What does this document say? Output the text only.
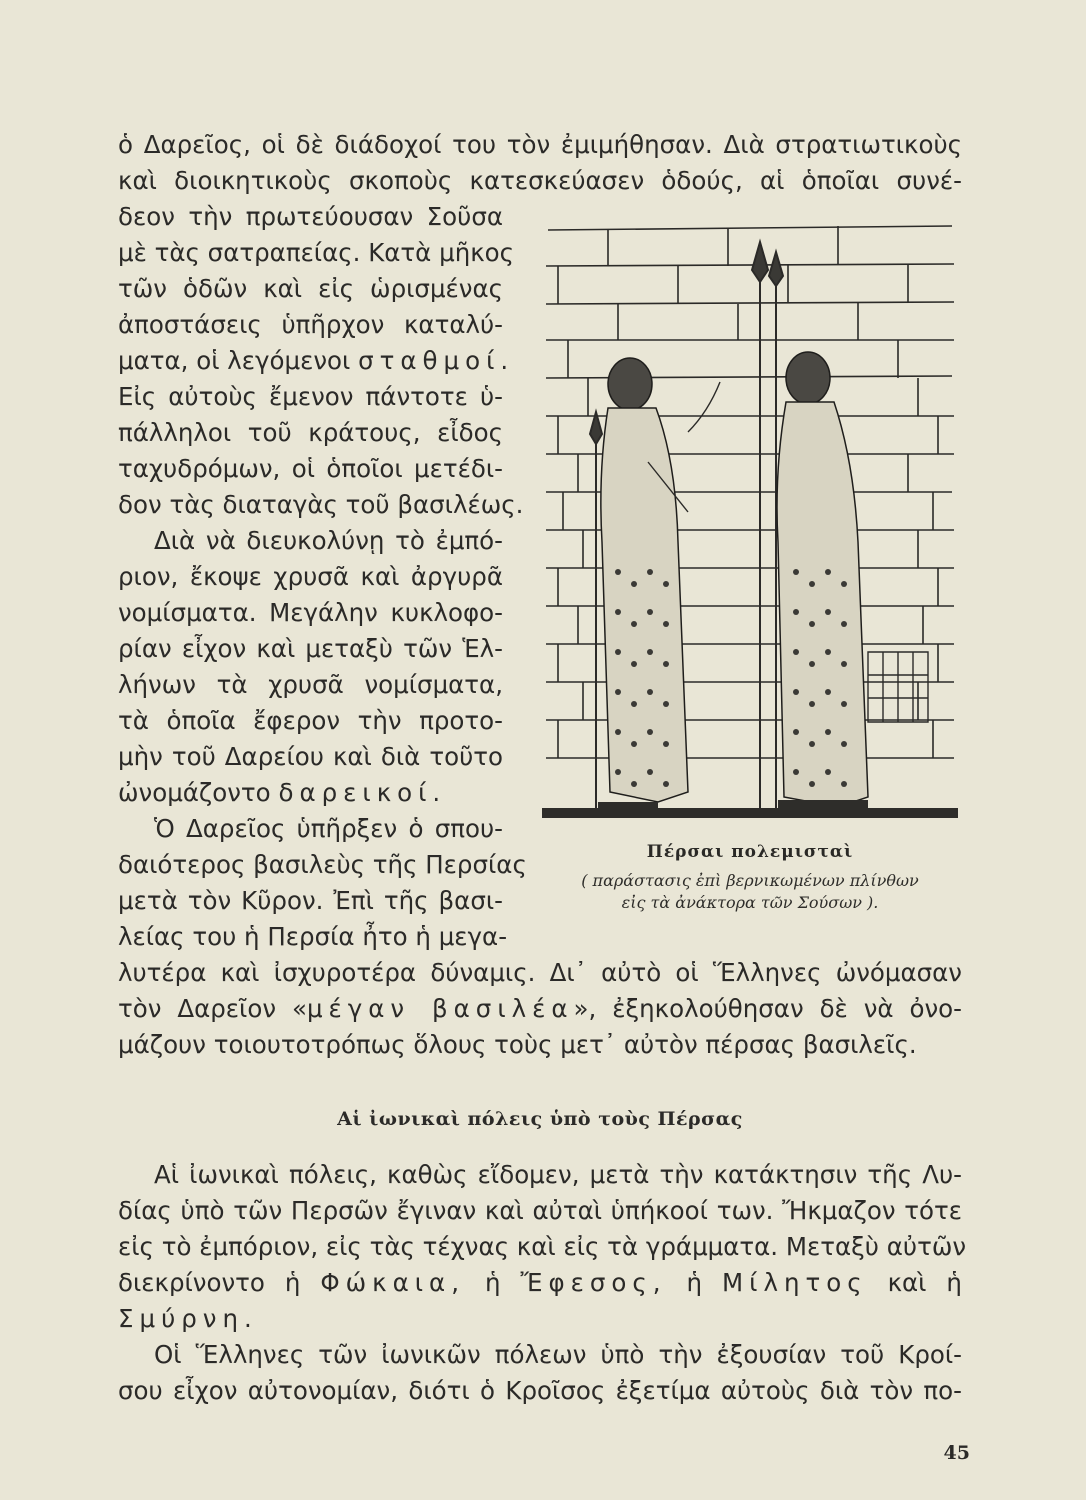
ὁ Δαρεῖος, οἱ δὲ διάδοχοί του τὸν ἐμιμήθησαν. Διὰ στρατιωτικοὺς
καὶ διοικητικοὺς σκοποὺς κατεσκεύασεν ὁδούς, αἱ ὁποῖαι συνέ-
δεον τὴν πρωτεύουσαν Σοῦσα
μὲ τὰς σατραπείας. Κατὰ μῆκος
τῶν ὁδῶν καὶ εἰς ὡρισμένας
ἀποστάσεις ὑπῆρχον καταλύ-
ματα, οἱ λεγόμενοι σταθμοί.
Εἰς αὐτοὺς ἔμενον πάντοτε ὑ-
πάλληλοι τοῦ κράτους, εἶδος
ταχυδρόμων, οἱ ὁποῖοι μετέδι-
δον τὰς διαταγὰς τοῦ βασιλέως.
Διὰ νὰ διευκολύνῃ τὸ ἐμπό-
ριον, ἔκοψε χρυσᾶ καὶ ἀργυρᾶ
νομίσματα. Μεγάλην κυκλοφο-
ρίαν εἶχον καὶ μεταξὺ τῶν Ἑλ-
λήνων τὰ χρυσᾶ νομίσματα,
τὰ ὁποῖα ἔφερον τὴν προτο-
μὴν τοῦ Δαρείου καὶ διὰ τοῦτο
ὠνομάζοντο δαρεικοί.
Ὁ Δαρεῖος ὑπῆρξεν ὁ σπου-
δαιότερος βασιλεὺς τῆς Περσίας
μετὰ τὸν Κῦρον. Ἐπὶ τῆς βασι-
λείας του ἡ Περσία ἦτο ἡ μεγα-
λυτέρα καὶ ἰσχυροτέρα δύναμις. Δι᾽ αὐτὸ οἱ Ἕλληνες ὠνόμασαν
τὸν Δαρεῖον «μέγαν βασιλέα», ἐξηκολούθησαν δὲ νὰ ὀνο-
μάζουν τοιουτοτρόπως ὅλους τοὺς μετ᾽ αὐτὸν πέρσας βασιλεῖς.
Πέρσαι πολεμισταὶ
( παράστασις ἐπὶ βερνικωμένων πλίνθων
εἰς τὰ ἀνάκτορα τῶν Σούσων ).
Αἱ ἰωνικαὶ πόλεις ὑπὸ τοὺς Πέρσας
Αἱ ἰωνικαὶ πόλεις, καθὼς εἴδομεν, μετὰ τὴν κατάκτησιν τῆς Λυ-
δίας ὑπὸ τῶν Περσῶν ἔγιναν καὶ αὐταὶ ὑπήκοοί των. Ἤκμαζον τότε
εἰς τὸ ἐμπόριον, εἰς τὰς τέχνας καὶ εἰς τὰ γράμματα. Μεταξὺ αὐτῶν
διεκρίνοντο ἡ Φώκαια, ἡ Ἔφεσος, ἡ Μίλητος καὶ ἡ
Σμύρνη.
Οἱ Ἕλληνες τῶν ἰωνικῶν πόλεων ὑπὸ τὴν ἐξουσίαν τοῦ Κροί-
σου εἶχον αὐτονομίαν, διότι ὁ Κροῖσος ἐξετίμα αὐτοὺς διὰ τὸν πο-
45
